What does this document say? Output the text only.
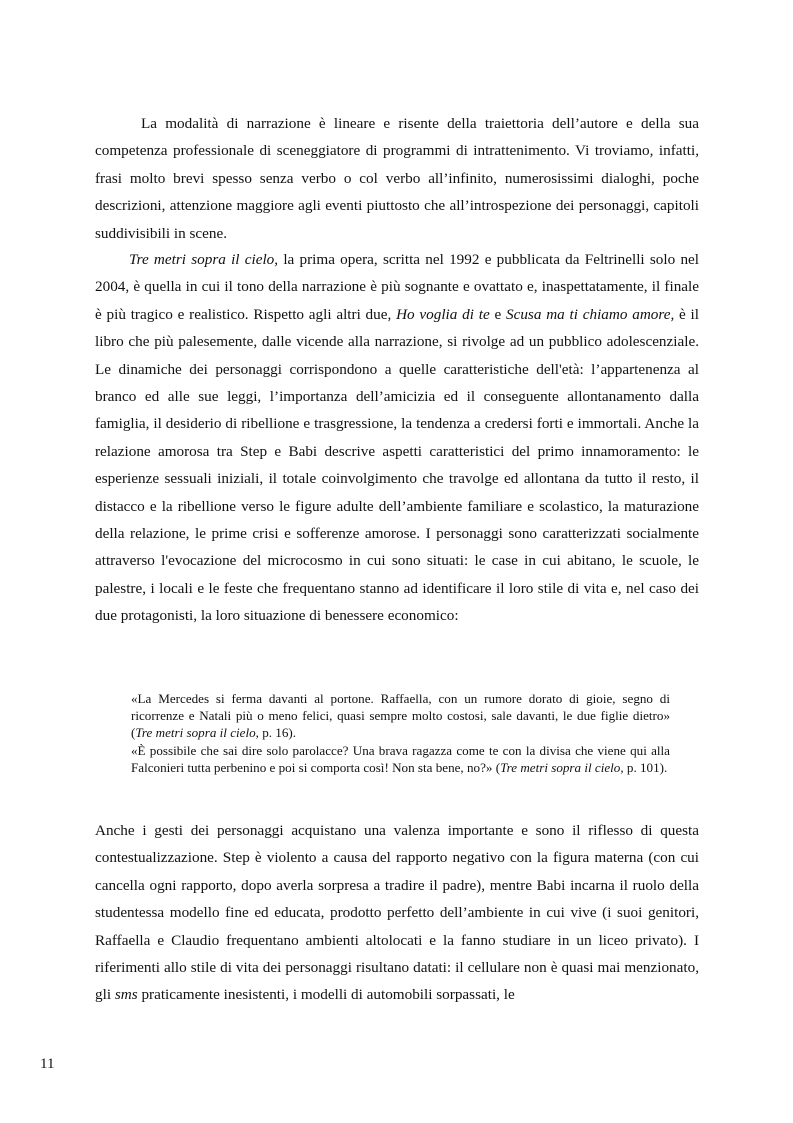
La modalità di narrazione è lineare e risente della traiettoria dell’autore e della sua competenza professionale di sceneggiatore di programmi di intrattenimento. Vi troviamo, infatti, frasi molto brevi spesso senza verbo o col verbo all’infinito, numerosissimi dialoghi, poche descrizioni, attenzione maggiore agli eventi piuttosto che all’introspezione dei personaggi, capitoli suddivisibili in scene.

Tre metri sopra il cielo, la prima opera, scritta nel 1992 e pubblicata da Feltrinelli solo nel 2004, è quella in cui il tono della narrazione è più sognante e ovattato e, inaspettatamente, il finale è più tragico e realistico. Rispetto agli altri due, Ho voglia di te e Scusa ma ti chiamo amore, è il libro che più palesemente, dalle vicende alla narrazione, si rivolge ad un pubblico adolescenziale. Le dinamiche dei personaggi corrispondono a quelle caratteristiche dell'età: l’appartenenza al branco ed alle sue leggi, l’importanza dell’amicizia ed il conseguente allontanamento dalla famiglia, il desiderio di ribellione e trasgressione, la tendenza a credersi forti e immortali. Anche la relazione amorosa tra Step e Babi descrive aspetti caratteristici del primo innamoramento: le esperienze sessuali iniziali, il totale coinvolgimento che travolge ed allontana da tutto il resto, il distacco e la ribellione verso le figure adulte dell’ambiente familiare e scolastico, la maturazione della relazione, le prime crisi e sofferenze amorose. I personaggi sono caratterizzati socialmente attraverso l'evocazione del microcosmo in cui sono situati: le case in cui abitano, le scuole, le palestre, i locali e le feste che frequentano stanno ad identificare il loro stile di vita e, nel caso dei due protagonisti, la loro situazione di benessere economico:

«La Mercedes si ferma davanti al portone. Raffaella, con un rumore dorato di gioie, segno di ricorrenze e Natali più o meno felici, quasi sempre molto costosi, sale davanti, le due figlie dietro» (Tre metri sopra il cielo, p. 16).

«È possibile che sai dire solo parolacce? Una brava ragazza come te con la divisa che viene qui alla Falconieri tutta perbenino e poi si comporta così! Non sta bene, no?» (Tre metri sopra il cielo, p. 101).

Anche i gesti dei personaggi acquistano una valenza importante e sono il riflesso di questa contestualizzazione. Step è violento a causa del rapporto negativo con la figura materna (con cui cancella ogni rapporto, dopo averla sorpresa a tradire il padre), mentre Babi incarna il ruolo della studentessa modello fine ed educata, prodotto perfetto dell’ambiente in cui vive (i suoi genitori, Raffaella e Claudio frequentano ambienti altolocati e la fanno studiare in un liceo privato). I riferimenti allo stile di vita dei personaggi risultano datati: il cellulare non è quasi mai menzionato, gli sms praticamente inesistenti, i modelli di automobili sorpassati, le

11
